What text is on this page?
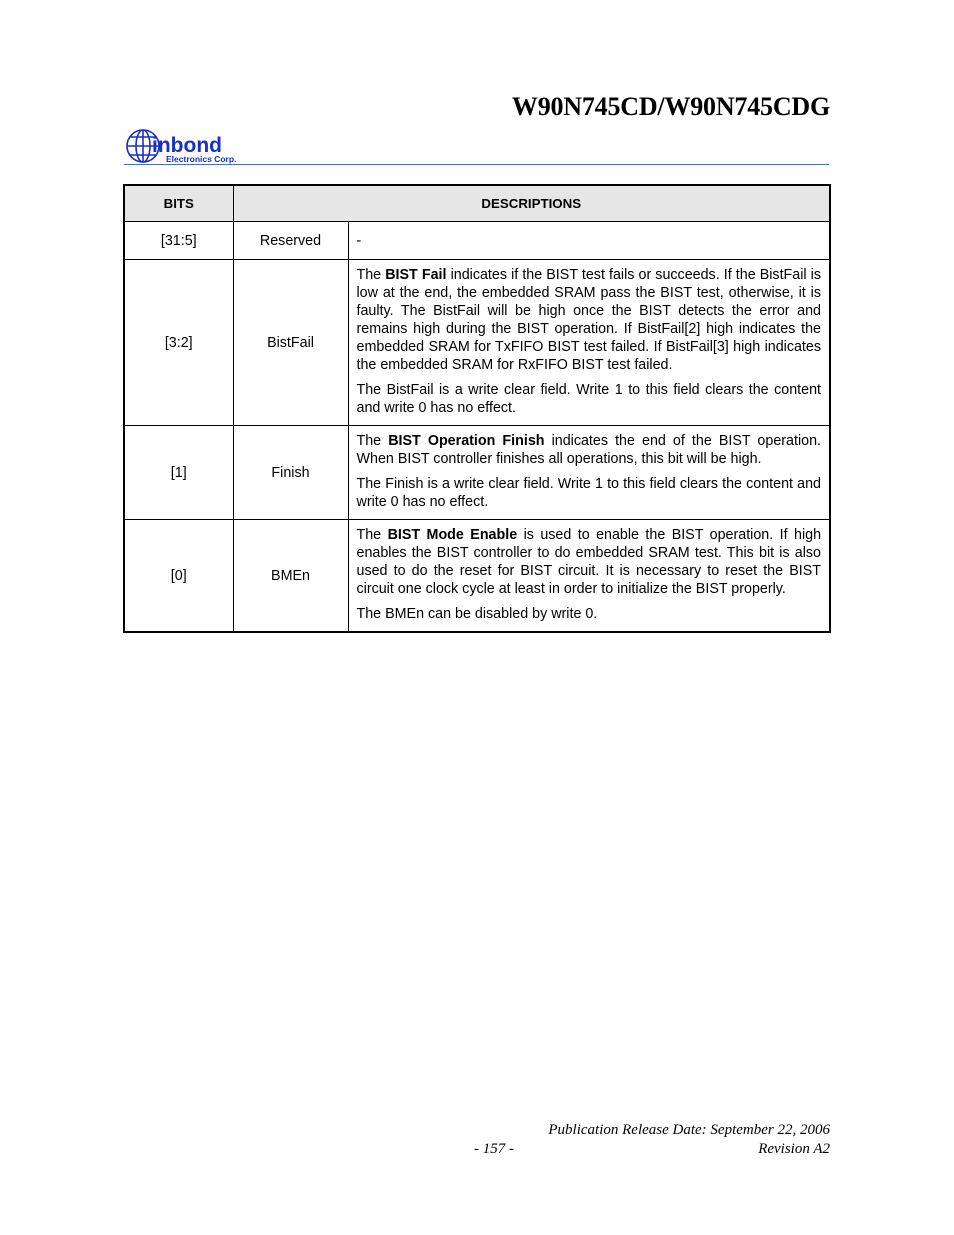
W90N745CD/W90N745CDG
inbond
Electronics Corp.
BITS	DESCRIPTIONS	
[31:5]	Reserved	-

[3:2]	BistFail	The BIST Fail indicates if the BIST test fails or succeeds. If the BistFail is low at the end, the embedded SRAM pass the BIST test, otherwise, it is faulty. The BistFail will be high once the BIST detects the error and remains high during the BIST operation. If BistFail[2] high indicates the embedded SRAM for TxFIFO BIST test failed. If BistFail[3] high indicates the embedded SRAM for RxFIFO BIST test failed.

The BistFail is a write clear field. Write 1 to this field clears the content and write 0 has no effect.

[1]	Finish	The BIST Operation Finish indicates the end of the BIST operation. When BIST controller finishes all operations, this bit will be high.

The Finish is a write clear field. Write 1 to this field clears the content and write 0 has no effect.

[0]	BMEn	The BIST Mode Enable is used to enable the BIST operation. If high enables the BIST controller to do embedded SRAM test. This bit is also used to do the reset for BIST circuit. It is necessary to reset the BIST circuit one clock cycle at least in order to initialize the BIST properly.

The BMEn can be disabled by write 0.

Publication Release Date: September 22, 2006
- 157 -	Revision A2
